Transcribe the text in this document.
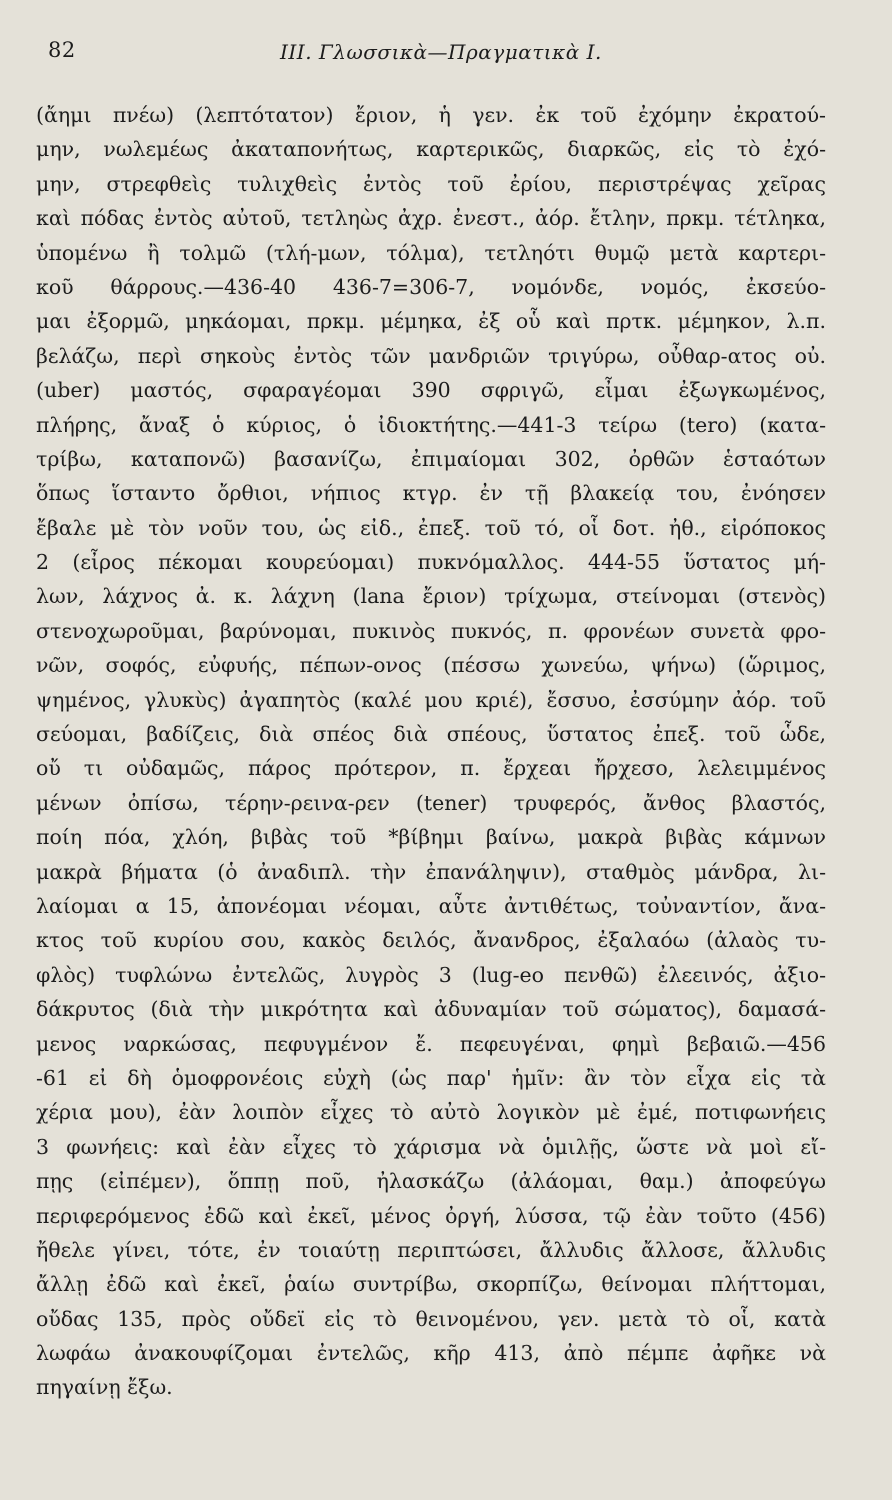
82	III. Γλωσσικὰ—Πραγματικὰ I.
(ἄημι πνέω) (λεπτότατον) ἔριον, ἡ γεν. ἐκ τοῦ ἐχόμην ἐκρατού-
μην, νωλεμέως ἀκαταπονήτως, καρτερικῶς, διαρκῶς, εἰς τὸ ἐχό-
μην, στρεφθεὶς τυλιχθεὶς ἐντὸς τοῦ ἐρίου, περιστρέψας χεῖρας
καὶ πόδας ἐντὸς αὐτοῦ, τετληὼς ἀχρ. ἐνεστ., ἀόρ. ἔτλην, πρκμ. τέτληκα,
ὑπομένω ἢ τολμῶ (τλή-μων, τόλμα), τετληότι θυμῷ μετὰ καρτερι-
κοῦ θάρρους.—436-40 436-7=306-7, νομόνδε, νομός, ἐκσεύο-
μαι ἐξορμῶ, μηκάομαι, πρκμ. μέμηκα, ἐξ οὗ καὶ πρτκ. μέμηκον, λ.π.
βελάζω, περὶ σηκοὺς ἐντὸς τῶν μανδριῶν τριγύρω, οὖθαρ-ατος οὐ.
(uber) μαστός, σφαραγέομαι 390 σφριγῶ, εἶμαι ἐξωγκωμένος,
πλήρης, ἄναξ ὁ κύριος, ὁ ἰδιοκτήτης.—441-3 τείρω (tero) (κατα-
τρίβω, καταπονῶ) βασανίζω, ἐπιμαίομαι 302, ὀρθῶν ἑσταότων
ὅπως ἵσταντο ὄρθιοι, νήπιος κτγρ. ἐν τῇ βλακείᾳ του, ἐνόησεν
ἔβαλε μὲ τὸν νοῦν του, ὡς εἰδ., ἐπεξ. τοῦ τό, οἷ δοτ. ἠθ., εἰρόποκος
2 (εἶρος πέκομαι κουρεύομαι) πυκνόμαλλος. 444-55 ὕστατος μή-
λων, λάχνος ἀ. κ. λάχνη (lana ἔριον) τρίχωμα, στείνομαι (στενὸς)
στενοχωροῦμαι, βαρύνομαι, πυκινὸς πυκνός, π. φρονέων συνετὰ φρο-
νῶν, σοφός, εὐφυής, πέπων-ονος (πέσσω χωνεύω, ψήνω) (ὥριμος,
ψημένος, γλυκὺς) ἀγαπητὸς (καλέ μου κριέ), ἔσσυο, ἐσσύμην ἀόρ. τοῦ
σεύομαι, βαδίζεις, διὰ σπέος διὰ σπέους, ὕστατος ἐπεξ. τοῦ ὧδε,
οὔ τι οὐδαμῶς, πάρος πρότερον, π. ἔρχεαι ἤρχεσο, λελειμμένος
μένων ὀπίσω, τέρην-ρεινα-ρεν (tener) τρυφερός, ἄνθος βλαστός,
ποίη πόα, χλόη, βιβὰς τοῦ *βίβημι βαίνω, μακρὰ βιβὰς κάμνων
μακρὰ βήματα (ὁ ἀναδιπλ. τὴν ἐπανάληψιν), σταθμὸς μάνδρα, λι-
λαίομαι α 15, ἀπονέομαι νέομαι, αὖτε ἀντιθέτως, τοὐναντίον, ἄνα-
κτος τοῦ κυρίου σου, κακὸς δειλός, ἄνανδρος, ἐξαλαόω (ἀλαὸς τυ-
φλὸς) τυφλώνω ἐντελῶς, λυγρὸς 3 (lug-eo πενθῶ) ἐλεεινός, ἀξιο-
δάκρυτος (διὰ τὴν μικρότητα καὶ ἀδυναμίαν τοῦ σώματος), δαμασά-
μενος ναρκώσας, πεφυγμένον ἔ. πεφευγέναι, φημὶ βεβαιῶ.—456
-61 εἰ δὴ ὁμοφρονέοις εὐχὴ (ὡς παρ' ἡμῖν: ἂν τὸν εἶχα εἰς τὰ
χέρια μου), ἐὰν λοιπὸν εἶχες τὸ αὐτὸ λογικὸν μὲ ἐμέ, ποτιφωνήεις
3 φωνήεις: καὶ ἐὰν εἶχες τὸ χάρισμα νὰ ὁμιλῇς, ὥστε νὰ μοὶ εἴ-
πῃς (εἰπέμεν), ὅππῃ ποῦ, ἠλασκάζω (ἀλάομαι, θαμ.) ἀποφεύγω
περιφερόμενος ἐδῶ καὶ ἐκεῖ, μένος ὀργή, λύσσα, τῷ ἐὰν τοῦτο (456)
ἤθελε γίνει, τότε, ἐν τοιαύτῃ περιπτώσει, ἄλλυδις ἄλλοσε, ἄλλυδις
ἄλλῃ ἐδῶ καὶ ἐκεῖ, ῥαίω συντρίβω, σκορπίζω, θείνομαι πλήττομαι,
οὔδας 135, πρὸς οὔδεϊ εἰς τὸ θεινομένου, γεν. μετὰ τὸ οἷ, κατὰ
λωφάω ἀνακουφίζομαι ἐντελῶς, κῆρ 413, ἀπὸ πέμπε ἀφῆκε νὰ
πηγαίνῃ ἔξω.
